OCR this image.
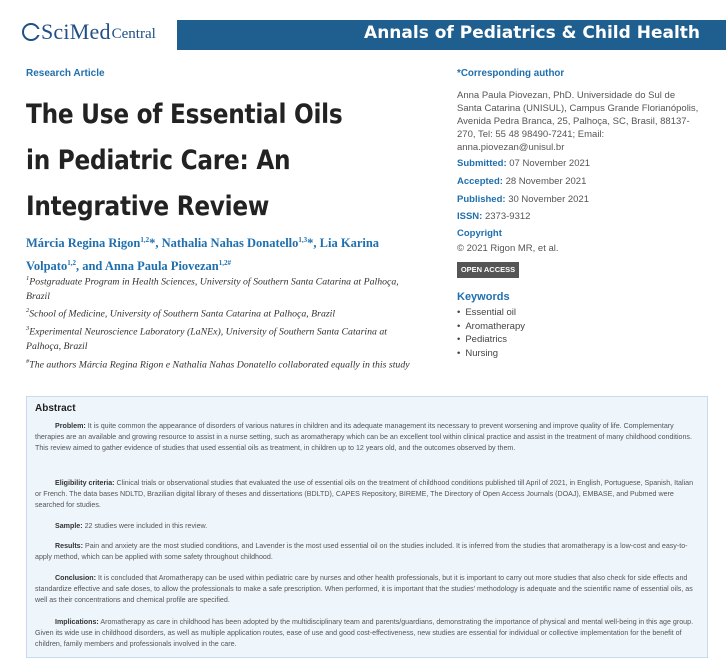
SciMed Central	Annals of Pediatrics & Child Health
Research Article
The Use of Essential Oils in Pediatric Care: An Integrative Review
Márcia Regina Rigon$^{1,2}$*, Nathalia Nahas Donatello$^{1,3}$*, Lia Karina Volpato$^{1,2}$, and Anna Paula Piovezan$^{1,2\#}$
$^1$Postgraduate Program in Health Sciences, University of Southern Santa Catarina at Palhoça, Brazil
$^2$School of Medicine, University of Southern Santa Catarina at Palhoça, Brazil
$^3$Experimental Neuroscience Laboratory (LaNEx), University of Southern Santa Catarina at Palhoça, Brazil
#The authors Márcia Regina Rigon e Nathalia Nahas Donatello collaborated equally in this study
*Corresponding author
Anna Paula Piovezan, PhD. Universidade do Sul de Santa Catarina (UNISUL), Campus Grande Florianópolis, Avenida Pedra Branca, 25, Palhoça, SC, Brasil, 88137-270, Tel: 55 48 98490-7241; Email: anna.piovezan@unisul.br
Submitted: 07 November 2021
Accepted: 28 November 2021
Published: 30 November 2021
ISSN: 2373-9312
Copyright
© 2021 Rigon MR, et al.
OPEN ACCESS
Keywords
• Essential oil
• Aromatherapy
• Pediatrics
• Nursing
Abstract

Problem: It is quite common the appearance of disorders of various natures in children and its adequate management its necessary to prevent worsening and improve quality of life. Complementary therapies are an available and growing resource to assist in a nurse setting, such as aromatherapy which can be an excellent tool within clinical practice and assist in the treatment of many childhood conditions. This review aimed to gather evidence of studies that used essential oils as treatment, in children up to 12 years old, and the outcomes observed by them.

Eligibility criteria: Clinical trials or observational studies that evaluated the use of essential oils on the treatment of childhood conditions published till April of 2021, in English, Portuguese, Spanish, Italian or French. The data bases NDLTD, Brazilian digital library of theses and dissertations (BDLTD), CAPES Repository, BIREME, The Directory of Open Access Journals (DOAJ), EMBASE, and Pubmed were searched for studies.

Sample: 22 studies were included in this review.

Results: Pain and anxiety are the most studied conditions, and Lavender is the most used essential oil on the studies included. It is inferred from the studies that aromatherapy is a low-cost and easy-to-apply method, which can be applied with some safety throughout childhood.

Conclusion: It is concluded that Aromatherapy can be used within pediatric care by nurses and other health professionals, but it is important to carry out more studies that also check for side effects and standardize effective and safe doses, to allow the professionals to make a safe prescription. When performed, it is important that the studies' methodology is adequate and the scientific name of essential oils, as well as their concentrations and chemical profile are specified.

Implications: Aromatherapy as care in childhood has been adopted by the multidisciplinary team and parents/guardians, demonstrating the importance of physical and mental well-being in this age group. Given its wide use in childhood disorders, as well as multiple application routes, ease of use and good cost-effectiveness, new studies are essential for individual or collective implementation for the benefit of children, family members and professionals involved in the care.
